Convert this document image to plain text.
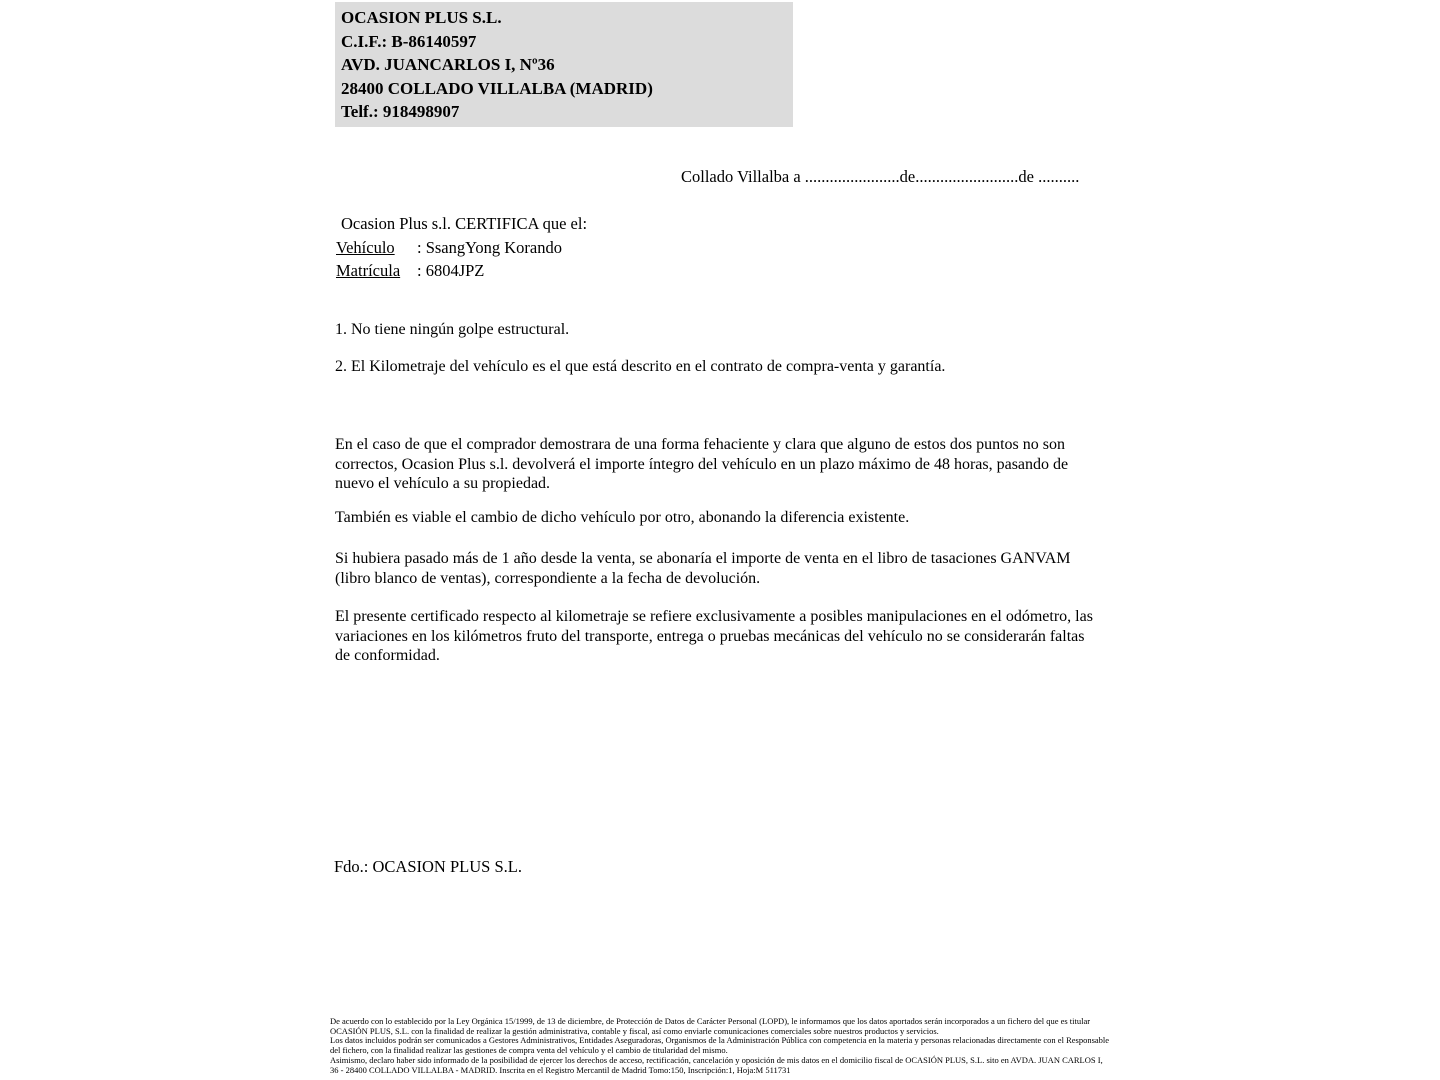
OCASION PLUS S.L.
C.I.F.: B-86140597
AVD. JUANCARLOS I, Nº36
28400 COLLADO VILLALBA (MADRID)
Telf.: 918498907
Collado Villalba a .......................de.........................de ..........
Ocasion Plus s.l. CERTIFICA que el:
Vehículo : SsangYong Korando
Matrícula : 6804JPZ

1. No tiene ningún golpe estructural.

2. El Kilometraje del vehículo es el que está descrito en el contrato de compra-venta y garantía.

En el caso de que el comprador demostrara de una forma fehaciente y clara que alguno de estos dos puntos no son correctos, Ocasion Plus s.l. devolverá el importe íntegro del vehículo en un plazo máximo de 48 horas, pasando de nuevo el vehículo a su propiedad.

También es viable el cambio de dicho vehículo por otro, abonando la diferencia existente.

Si hubiera pasado más de 1 año desde la venta, se abonaría el importe de venta en el libro de tasaciones GANVAM (libro blanco de ventas), correspondiente a la fecha de devolución.

El presente certificado respecto al kilometraje se refiere exclusivamente a posibles manipulaciones en el odómetro, las variaciones en los kilómetros fruto del transporte, entrega o pruebas mecánicas del vehículo no se considerarán faltas de conformidad.

Fdo.: OCASION PLUS S.L.

De acuerdo con lo establecido por la Ley Orgánica 15/1999, de 13 de diciembre, de Protección de Datos de Carácter Personal (LOPD), le informamos que los datos aportados serán incorporados a un fichero del que es titular OCASIÓN PLUS, S.L. con la finalidad de realizar la gestión administrativa, contable y fiscal, así como enviarle comunicaciones comerciales sobre nuestros productos y servicios.

Los datos incluidos podrán ser comunicados a Gestores Administrativos, Entidades Aseguradoras, Organismos de la Administración Pública con competencia en la materia y personas relacionadas directamente con el Responsable del fichero, con la finalidad realizar las gestiones de compra venta del vehículo y el cambio de titularidad del mismo.

Asimismo, declaro haber sido informado de la posibilidad de ejercer los derechos de acceso, rectificación, cancelación y oposición de mis datos en el domicilio fiscal de OCASIÓN PLUS, S.L. sito en AVDA. JUAN CARLOS I, 36 - 28400 COLLADO VILLALBA - MADRID. Inscrita en el Registro Mercantil de Madrid Tomo:150, Inscripción:1, Hoja:M 511731
